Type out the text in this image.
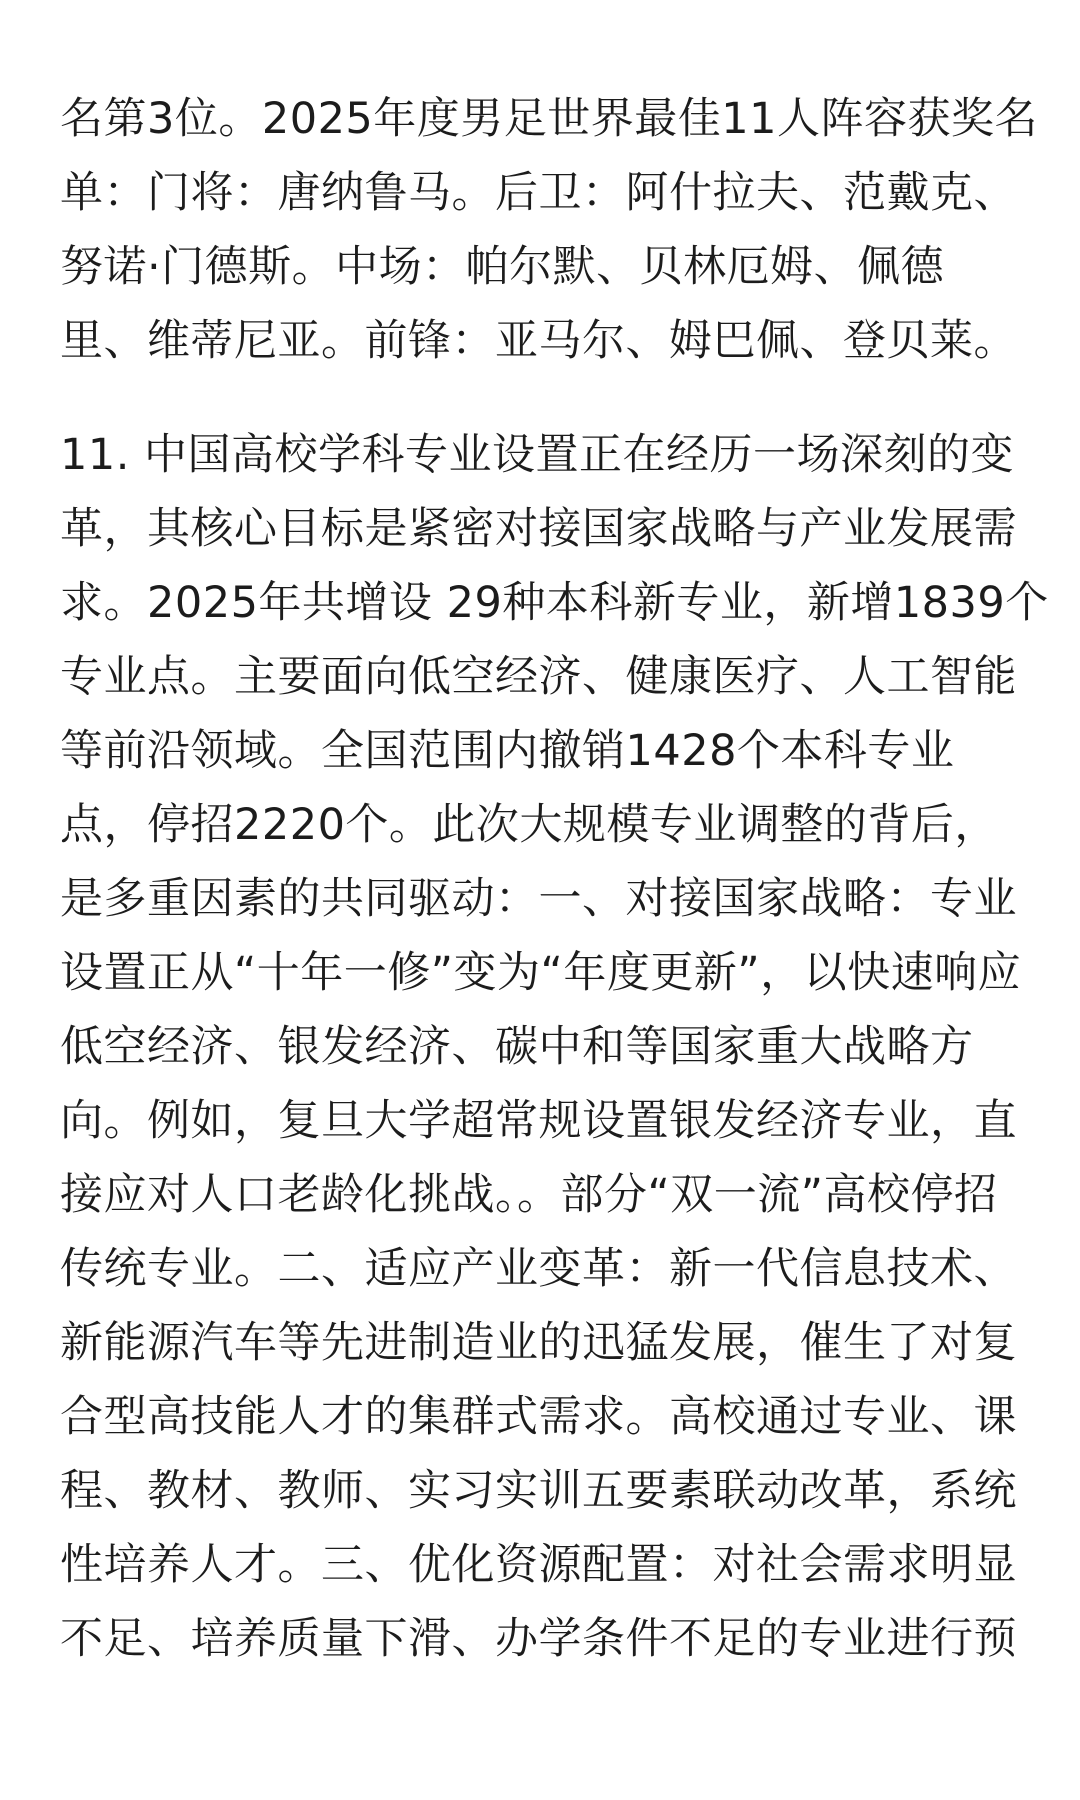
名第3位。2025年度男足世界最佳11人阵容获奖名
单：门将：唐纳鲁马。后卫：阿什拉夫、范戴克、
努诺·门德斯。中场：帕尔默、贝林厄姆、佩德
里、维蒂尼亚。前锋：亚马尔、姆巴佩、登贝莱。
11. 中国高校学科专业设置正在经历一场深刻的变
革，其核心目标是紧密对接国家战略与产业发展需
求。2025年共增设 29种本科新专业，新增1839个
专业点。主要面向低空经济、健康医疗、人工智能
等前沿领域。全国范围内撤销1428个本科专业
点，停招2220个。此次大规模专业调整的背后，
是多重因素的共同驱动：一、对接国家战略：专业
设置正从“十年一修”变为“年度更新”，以快速响应
低空经济、银发经济、碳中和等国家重大战略方
向。例如，复旦大学超常规设置银发经济专业，直
接应对人口老龄化挑战。。部分“双一流”高校停招
传统专业。二、适应产业变革：新一代信息技术、
新能源汽车等先进制造业的迅猛发展，催生了对复
合型高技能人才的集群式需求。高校通过专业、课
程、教材、教师、实习实训五要素联动改革，系统
性培养人才。三、优化资源配置：对社会需求明显
不足、培养质量下滑、办学条件不足的专业进行预
